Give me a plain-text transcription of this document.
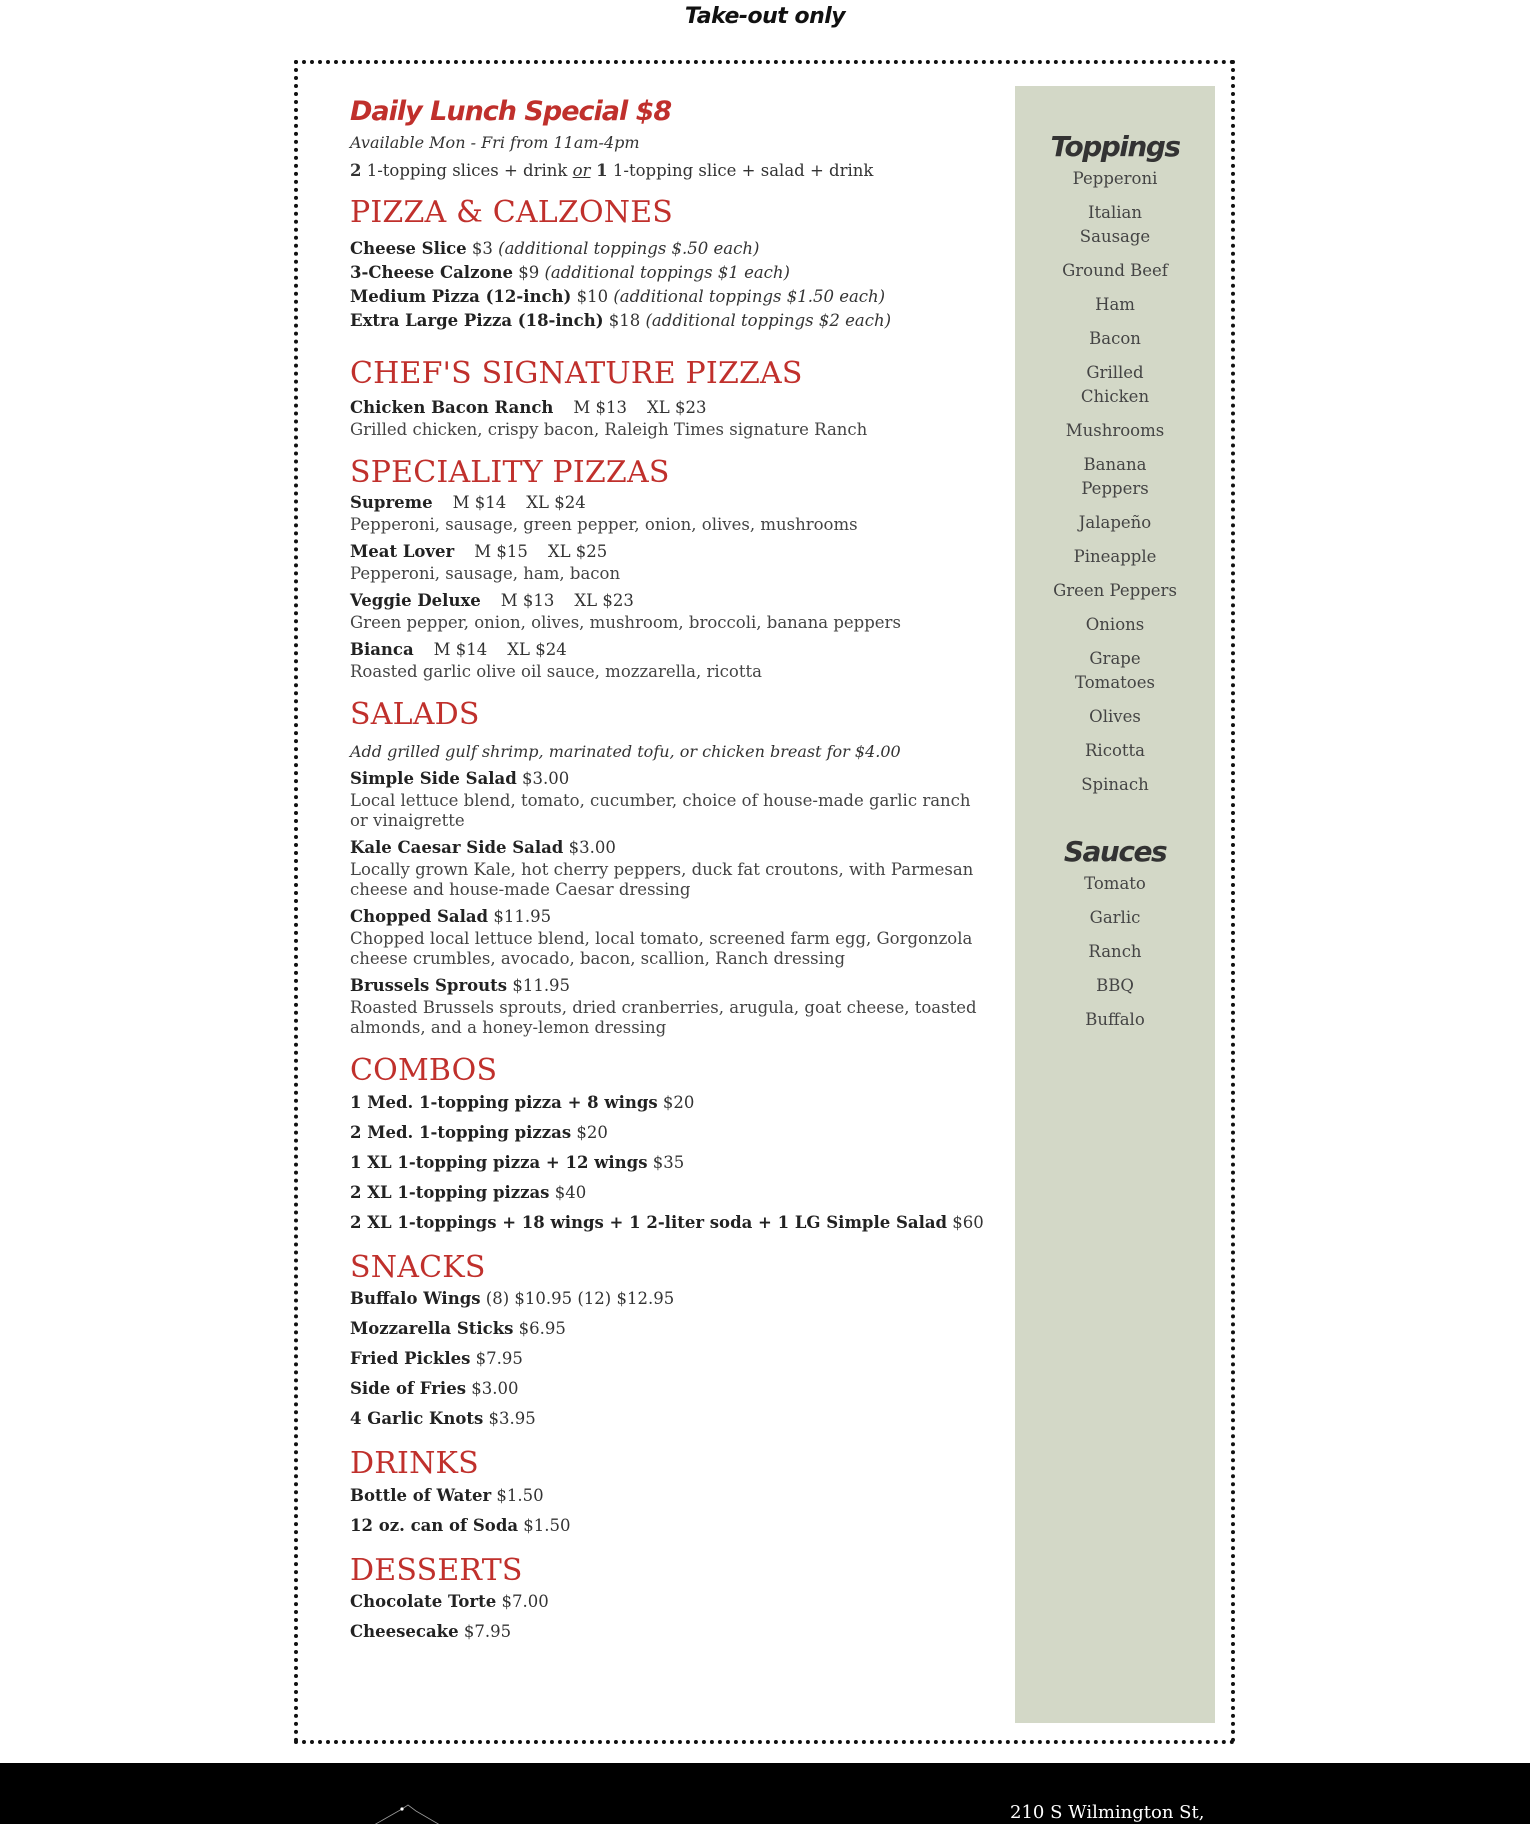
Take-out only
Daily Lunch Special $8
Available Mon - Fri from 11am-4pm
2 1-topping slices + drink or 1 1-topping slice + salad + drink
PIZZA & CALZONES
Cheese Slice $3 (additional toppings $.50 each)
3-Cheese Calzone $9 (additional toppings $1 each)
Medium Pizza (12-inch) $10 (additional toppings $1.50 each)
Extra Large Pizza (18-inch) $18 (additional toppings $2 each)
CHEF'S SIGNATURE PIZZAS
Chicken Bacon Ranch M $13 XL $23
Grilled chicken, crispy bacon, Raleigh Times signature Ranch
SPECIALITY PIZZAS
Supreme M $14 XL $24
Pepperoni, sausage, green pepper, onion, olives, mushrooms
Meat Lover M $15 XL $25
Pepperoni, sausage, ham, bacon
Veggie Deluxe M $13 XL $23
Green pepper, onion, olives, mushroom, broccoli, banana peppers
Bianca M $14 XL $24
Roasted garlic olive oil sauce, mozzarella, ricotta
SALADS
Add grilled gulf shrimp, marinated tofu, or chicken breast for $4.00
Simple Side Salad $3.00
Local lettuce blend, tomato, cucumber, choice of house-made garlic ranch or vinaigrette
Kale Caesar Side Salad $3.00
Locally grown Kale, hot cherry peppers, duck fat croutons, with Parmesan cheese and house-made Caesar dressing
Chopped Salad $11.95
Chopped local lettuce blend, local tomato, screened farm egg, Gorgonzola cheese crumbles, avocado, bacon, scallion, Ranch dressing
Brussels Sprouts $11.95
Roasted Brussels sprouts, dried cranberries, arugula, goat cheese, toasted almonds, and a honey-lemon dressing
COMBOS
1 Med. 1-topping pizza + 8 wings $20
2 Med. 1-topping pizzas $20
1 XL 1-topping pizza + 12 wings $35
2 XL 1-topping pizzas $40
2 XL 1-toppings + 18 wings + 1 2-liter soda + 1 LG Simple Salad $60
SNACKS
Buffalo Wings (8) $10.95 (12) $12.95
Mozzarella Sticks $6.95
Fried Pickles $7.95
Side of Fries $3.00
4 Garlic Knots $3.95
DRINKS
Bottle of Water $1.50
12 oz. can of Soda $1.50
DESSERTS
Chocolate Torte $7.00
Cheesecake $7.95
Toppings
Pepperoni
Italian Sausage
Ground Beef
Ham
Bacon
Grilled Chicken
Mushrooms
Banana Peppers
Jalapeño
Pineapple
Green Peppers
Onions
Grape Tomatoes
Olives
Ricotta
Spinach
Sauces
Tomato
Garlic
Ranch
BBQ
Buffalo
210 S Wilmington St,
